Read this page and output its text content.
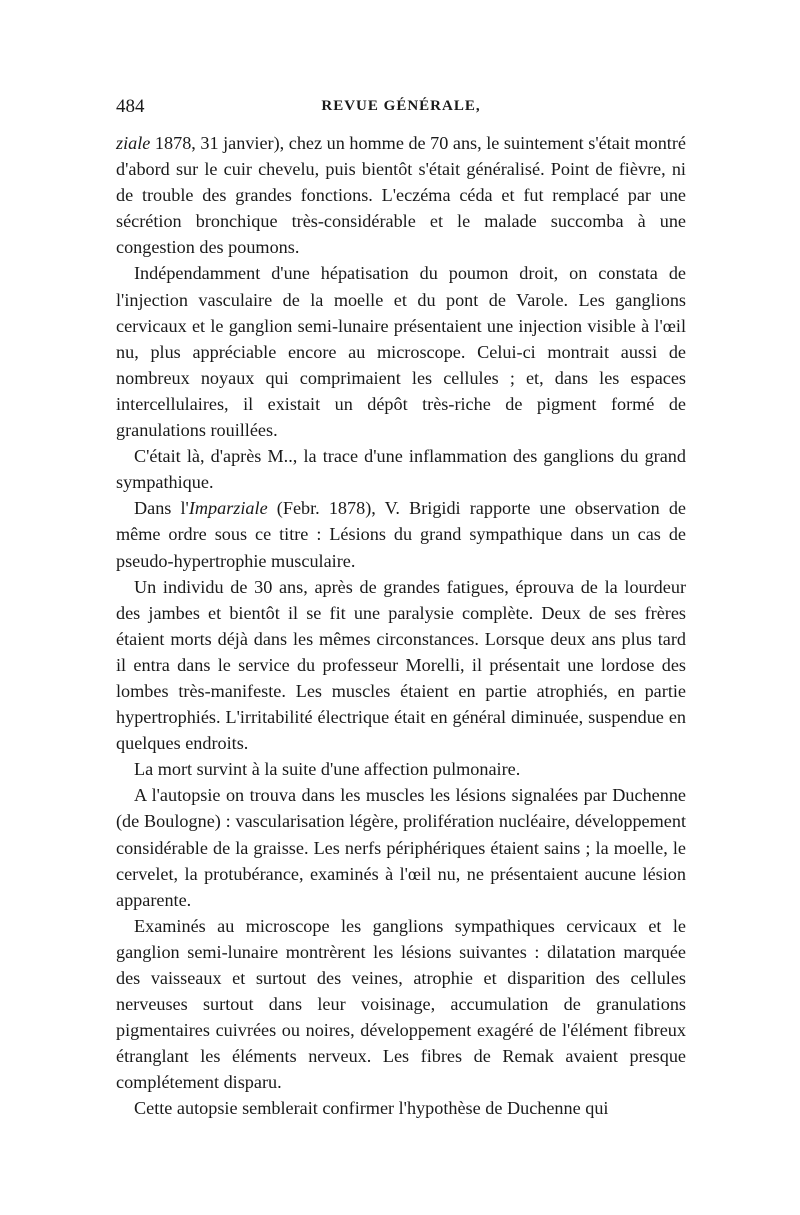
484	REVUE GÉNÉRALE,

ziale 1878, 31 janvier), chez un homme de 70 ans, le suintement s'était montré d'abord sur le cuir chevelu, puis bientôt s'était généralisé. Point de fièvre, ni de trouble des grandes fonctions. L'eczéma céda et fut remplacé par une sécrétion bronchique très-considérable et le malade succomba à une congestion des poumons.

Indépendamment d'une hépatisation du poumon droit, on constata de l'injection vasculaire de la moelle et du pont de Varole. Les ganglions cervicaux et le ganglion semi-lunaire présentaient une injection visible à l'œil nu, plus appréciable encore au microscope. Celui-ci montrait aussi de nombreux noyaux qui comprimaient les cellules ; et, dans les espaces intercellulaires, il existait un dépôt très-riche de pigment formé de granulations rouillées.

C'était là, d'après M.., la trace d'une inflammation des ganglions du grand sympathique.

Dans l'Imparziale (Febr. 1878), V. Brigidi rapporte une observation de même ordre sous ce titre : Lésions du grand sympathique dans un cas de pseudo-hypertrophie musculaire.

Un individu de 30 ans, après de grandes fatigues, éprouva de la lourdeur des jambes et bientôt il se fit une paralysie complète. Deux de ses frères étaient morts déjà dans les mêmes circonstances. Lorsque deux ans plus tard il entra dans le service du professeur Morelli, il présentait une lordose des lombes très-manifeste. Les muscles étaient en partie atrophiés, en partie hypertrophiés. L'irritabilité électrique était en général diminuée, suspendue en quelques endroits.

La mort survint à la suite d'une affection pulmonaire.

A l'autopsie on trouva dans les muscles les lésions signalées par Duchenne (de Boulogne) : vascularisation légère, prolifération nucléaire, développement considérable de la graisse. Les nerfs périphériques étaient sains ; la moelle, le cervelet, la protubérance, examinés à l'œil nu, ne présentaient aucune lésion apparente.

Examinés au microscope les ganglions sympathiques cervicaux et le ganglion semi-lunaire montrèrent les lésions suivantes : dilatation marquée des vaisseaux et surtout des veines, atrophie et disparition des cellules nerveuses surtout dans leur voisinage, accumulation de granulations pigmentaires cuivrées ou noires, développement exagéré de l'élément fibreux étranglant les éléments nerveux. Les fibres de Remak avaient presque complétement disparu.

Cette autopsie semblerait confirmer l'hypothèse de Duchenne qui
